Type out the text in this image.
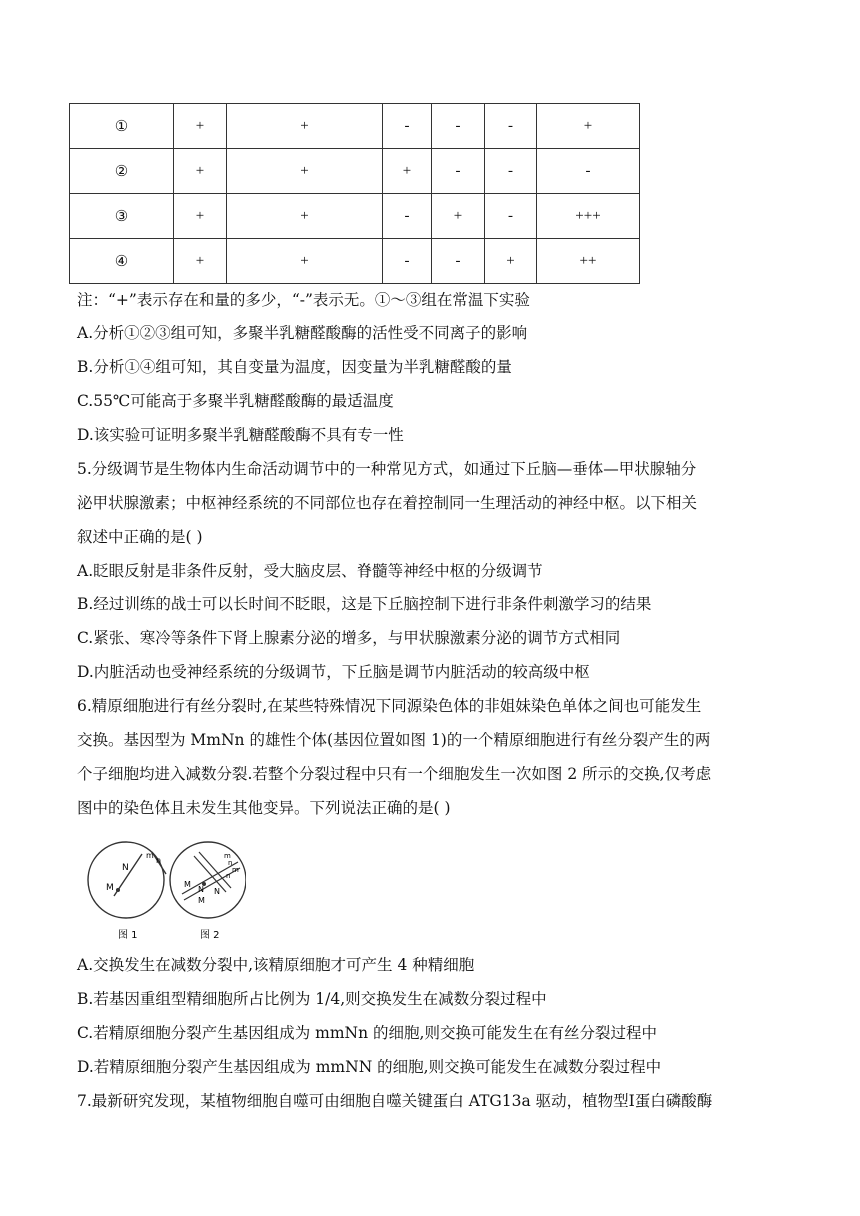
①	+	+	-	-	-	+
②	+	+	+	-	-	-
③	+	+	-	+	-	+++
④	+	+	-	-	+	++
注：“+”表示存在和量的多少，“-”表示无。①～③组在常温下实验
A.分析①②③组可知，多聚半乳糖醛酸酶的活性受不同离子的影响
B.分析①④组可知，其自变量为温度，因变量为半乳糖醛酸的量
C.55℃可能高于多聚半乳糖醛酸酶的最适温度
D.该实验可证明多聚半乳糖醛酸酶不具有专一性
5.分级调节是生物体内生命活动调节中的一种常见方式，如通过下丘脑—垂体—甲状腺轴分
泌甲状腺激素；中枢神经系统的不同部位也存在着控制同一生理活动的神经中枢。以下相关
叙述中正确的是( )
A.眨眼反射是非条件反射，受大脑皮层、脊髓等神经中枢的分级调节
B.经过训练的战士可以长时间不眨眼，这是下丘脑控制下进行非条件刺激学习的结果
C.紧张、寒冷等条件下肾上腺素分泌的增多，与甲状腺激素分泌的调节方式相同
D.内脏活动也受神经系统的分级调节，下丘脑是调节内脏活动的较高级中枢
6.精原细胞进行有丝分裂时,在某些特殊情况下同源染色体的非姐妹染色单体之间也可能发生
交换。基因型为 MmNn 的雄性个体(基因位置如图 1)的一个精原细胞进行有丝分裂产生的两
个子细胞均进入减数分裂.若整个分裂过程中只有一个细胞发生一次如图 2 所示的交换,仅考虑
图中的染色体且未发生其他变异。下列说法正确的是( )
M
N
m
n
图 1
M
N
m
n
N
M
n
m
图 2
A.交换发生在减数分裂中,该精原细胞才可产生 4 种精细胞
B.若基因重组型精细胞所占比例为 1/4,则交换发生在减数分裂过程中
C.若精原细胞分裂产生基因组成为 mmNn 的细胞,则交换可能发生在有丝分裂过程中
D.若精原细胞分裂产生基因组成为 mmNN 的细胞,则交换可能发生在减数分裂过程中
7.最新研究发现，某植物细胞自噬可由细胞自噬关键蛋白 ATG13a 驱动，植物型Ⅰ蛋白磷酸酶
